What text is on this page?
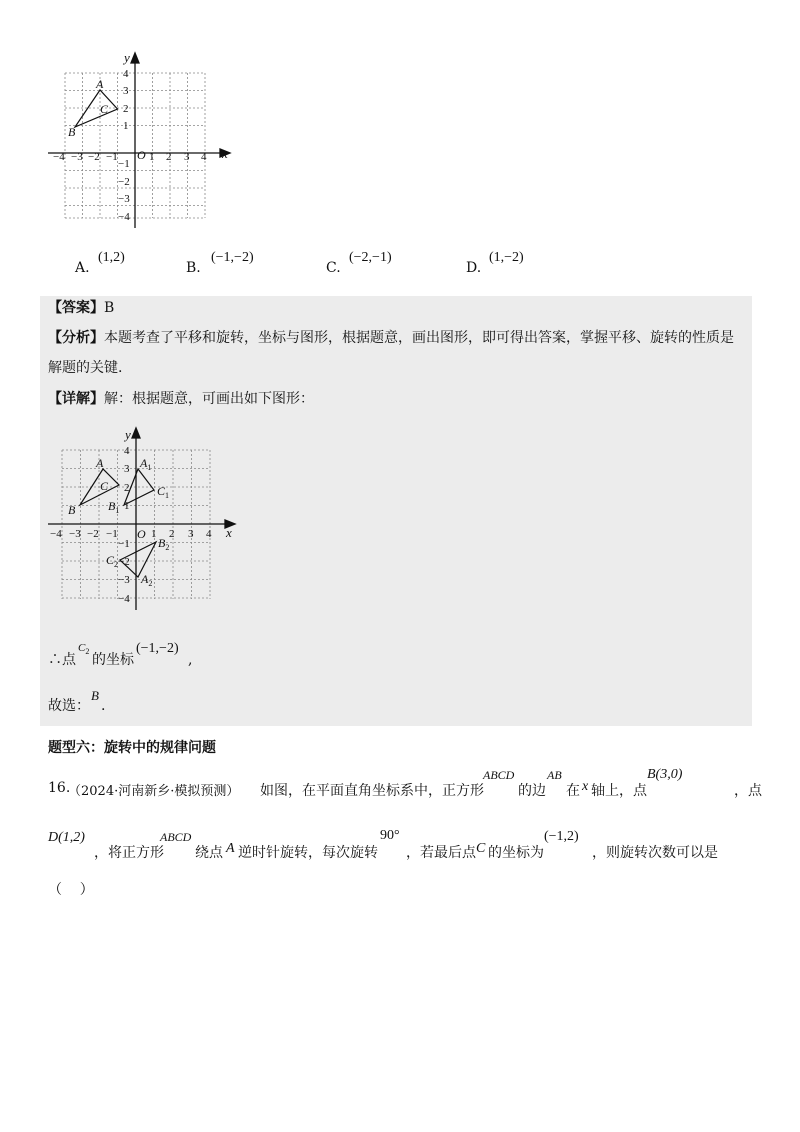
x
y
O
−4 −3 −2 −1	1 2 3 4
4
3
2
1
−1
−2
−3
−4
A
B
C
A.
(1,2)
B.
(−1,−2)
C.
(−2,−1)
D.
(1,−2)
【答案】B
【分析】本题考查了平移和旋转，坐标与图形，根据题意，画出图形，即可得出答案，掌握平移、旋转的性质是
解题的关键.
【详解】解：根据题意，可画出如下图形：
x
y
O
−4 −3 −2 −1	1 2 3 4
4
3
2
1
−1
−2
−3
−4
A
B
C
$A_1$
$B_1$
$C_1$
$A_2$
$B_2$
$C_2$
∴点
$C_2$
的坐标
(−1,−2)
,
故选：
B
.
题型六：旋转中的规律问题
16.
（2024·河南新乡·模拟预测） 如图，在平面直角坐标系中，正方形
ABCD
的边
AB
在 x 轴上，点
B(3,0)
，点
D(1,2)
，将正方形
ABCD
绕点 A 逆时针旋转，每次旋转
90°
，若最后点 C 的坐标为
(−1,2)
，则旋转次数可以是
（    ）
